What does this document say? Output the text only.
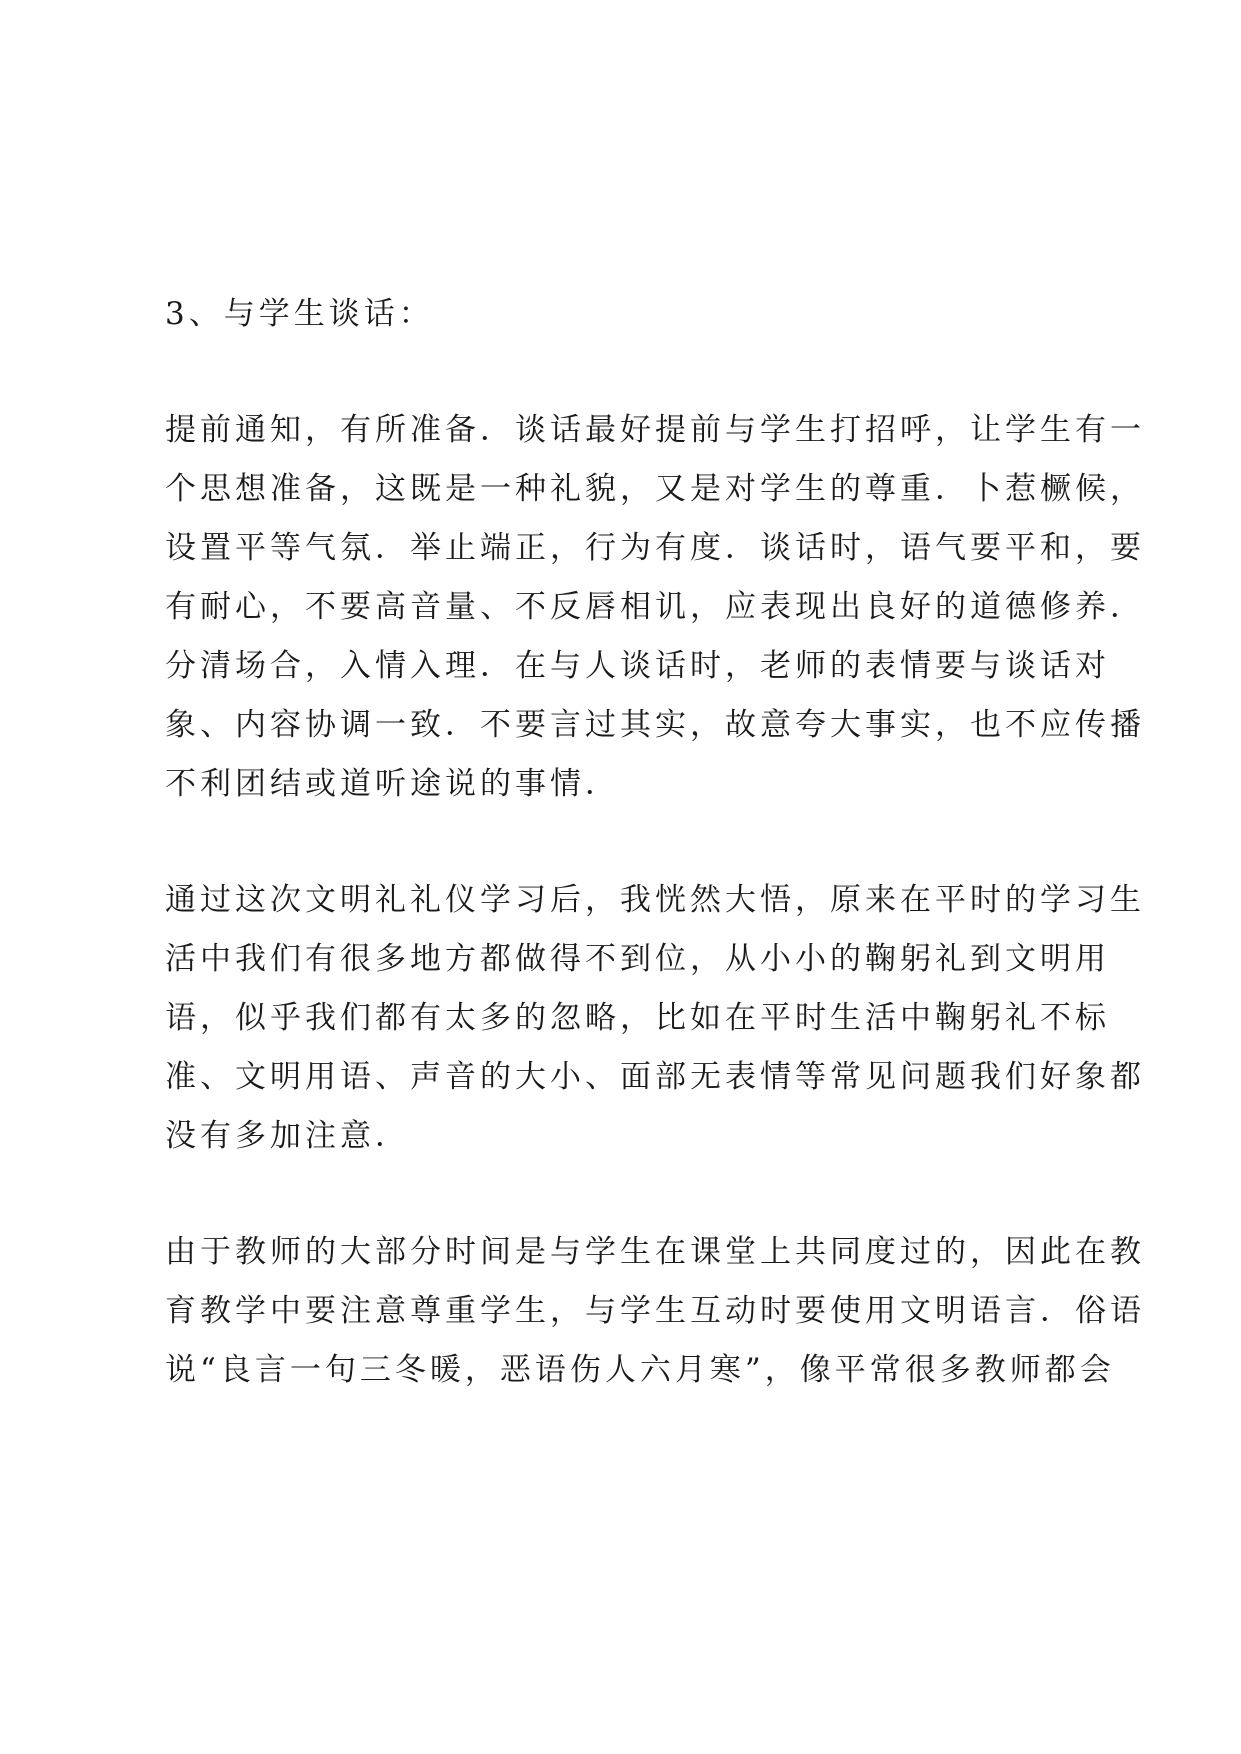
3、与学生谈话：

提前通知，有所准备．谈话最好提前与学生打招呼，让学生有一

个思想准备，这既是一种礼貌，又是对学生的尊重．卜惹橛候，

设置平等气氛．举止端正，行为有度．谈话时，语气要平和，要

有耐心，不要高音量、不反唇相讥，应表现出良好的道德修养．

分清场合，入情入理．在与人谈话时，老师的表情要与谈话对

象、内容协调一致．不要言过其实，故意夸大事实，也不应传播

不利团结或道听途说的事情．

通过这次文明礼礼仪学习后，我恍然大悟，原来在平时的学习生

活中我们有很多地方都做得不到位，从小小的鞠躬礼到文明用

语，似乎我们都有太多的忽略，比如在平时生活中鞠躬礼不标

准、文明用语、声音的大小、面部无表情等常见问题我们好象都

没有多加注意．

由于教师的大部分时间是与学生在课堂上共同度过的，因此在教

育教学中要注意尊重学生，与学生互动时要使用文明语言．俗语

说“良言一句三冬暖，恶语伤人六月寒”，像平常很多教师都会
